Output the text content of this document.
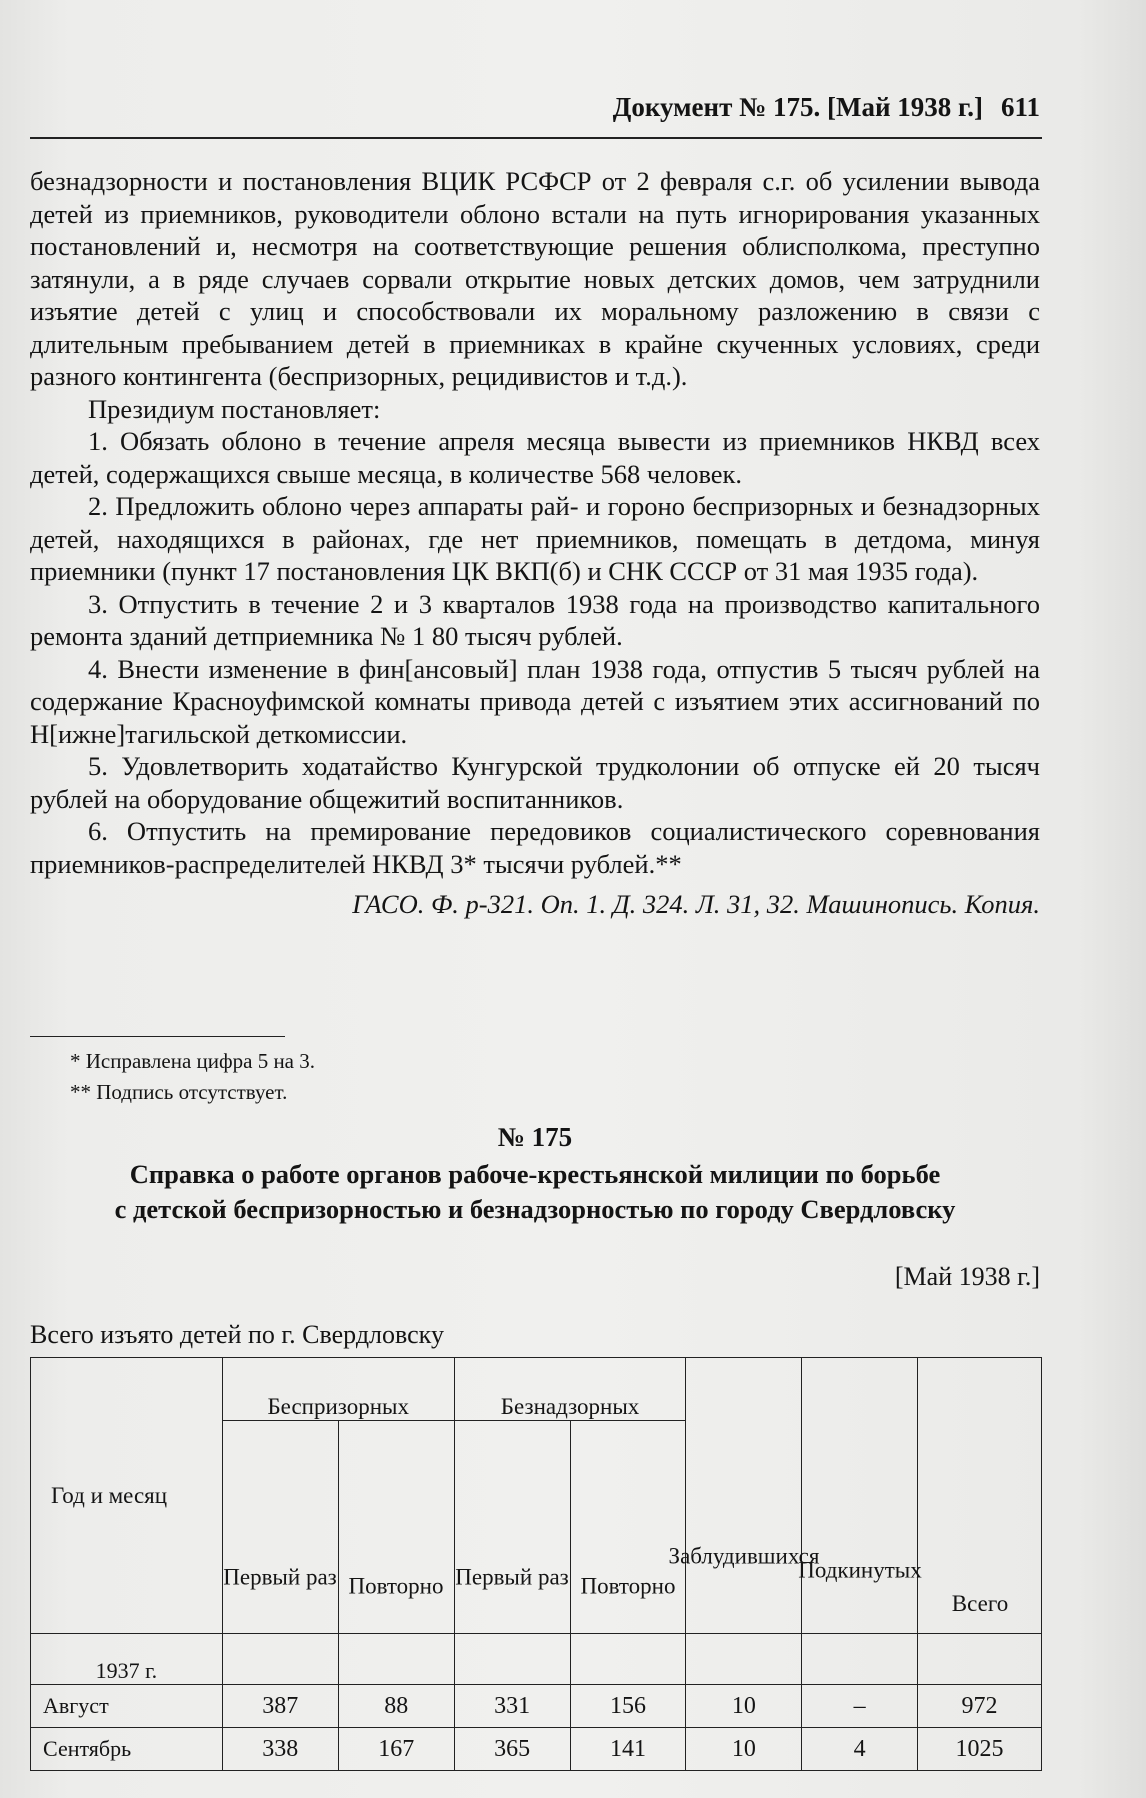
Документ № 175. [Май 1938 г.] 611

безнадзорности и постановления ВЦИК РСФСР от 2 февраля с.г. об усилении вывода детей из приемников, руководители облоно встали на путь игнорирования указанных постановлений и, несмотря на соответствующие решения облисполкома, преступно затянули, а в ряде случаев сорвали открытие новых детских домов, чем затруднили изъятие детей с улиц и способствовали их моральному разложению в связи с длительным пребыванием детей в приемниках в крайне скученных условиях, среди разного контингента (беспризорных, рецидивистов и т.д.).

Президиум постановляет:

1. Обязать облоно в течение апреля месяца вывести из приемников НКВД всех детей, содержащихся свыше месяца, в количестве 568 человек.

2. Предложить облоно через аппараты рай- и гороно беспризорных и безнадзорных детей, находящихся в районах, где нет приемников, помещать в детдома, минуя приемники (пункт 17 постановления ЦК ВКП(б) и СНК СССР от 31 мая 1935 года).

3. Отпустить в течение 2 и 3 кварталов 1938 года на производство капитального ремонта зданий детприемника № 1 80 тысяч рублей.

4. Внести изменение в фин[ансовый] план 1938 года, отпустив 5 тысяч рублей на содержание Красноуфимской комнаты привода детей с изъятием этих ассигнований по Н[ижне]тагильской деткомиссии.

5. Удовлетворить ходатайство Кунгурской трудколонии об отпуске ей 20 тысяч рублей на оборудование общежитий воспитанников.

6. Отпустить на премирование передовиков социалистического соревнования приемников-распределителей НКВД 3* тысячи рублей.**

ГАСО. Ф. р-321. Оп. 1. Д. 324. Л. 31, 32. Машинопись. Копия.

* Исправлена цифра 5 на 3.
** Подпись отсутствует.
№ 175
Справка о работе органов рабоче-крестьянской милиции по борьбе
с детской беспризорностью и безнадзорностью по городу Свердловску
[Май 1938 г.]
Всего изъято детей по г. Свердловску
Год и месяц	Беспризорных		Безнадзорных		Заблудившихся	Подкинутых	Всего

	Первый раз	Повторно	Первый раз	Повторно			

1937 г.							
Август	387	88	331	156	10	–	972
Сентябрь	338	167	365	141	10	4	1025
